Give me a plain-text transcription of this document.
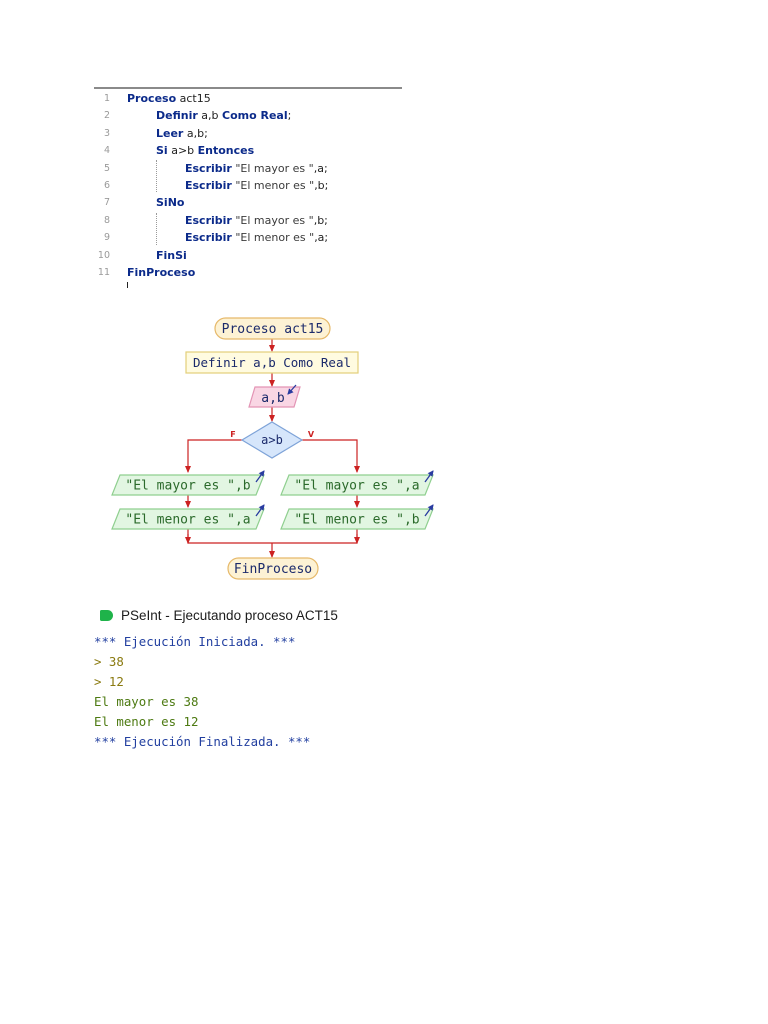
1 Proceso act15
2	Definir a,b Como Real;
3	Leer a,b;
4	Si a>b Entonces
5	Escribir "El mayor es ",a;
6	Escribir "El menor es ",b;
7	SiNo
8	Escribir "El mayor es ",b;
9	Escribir "El menor es ",a;
10	FinSi
11 FinProceso
Proceso act15
Definir a,b Como Real
a,b
a>b
F	V
"El mayor es ",b
"El menor es ",a
"El mayor es ",a
"El menor es ",b
FinProceso
PSeInt - Ejecutando proceso ACT15
*** Ejecución Iniciada. ***
> 38
> 12
El mayor es 38
El menor es 12
*** Ejecución Finalizada. ***
